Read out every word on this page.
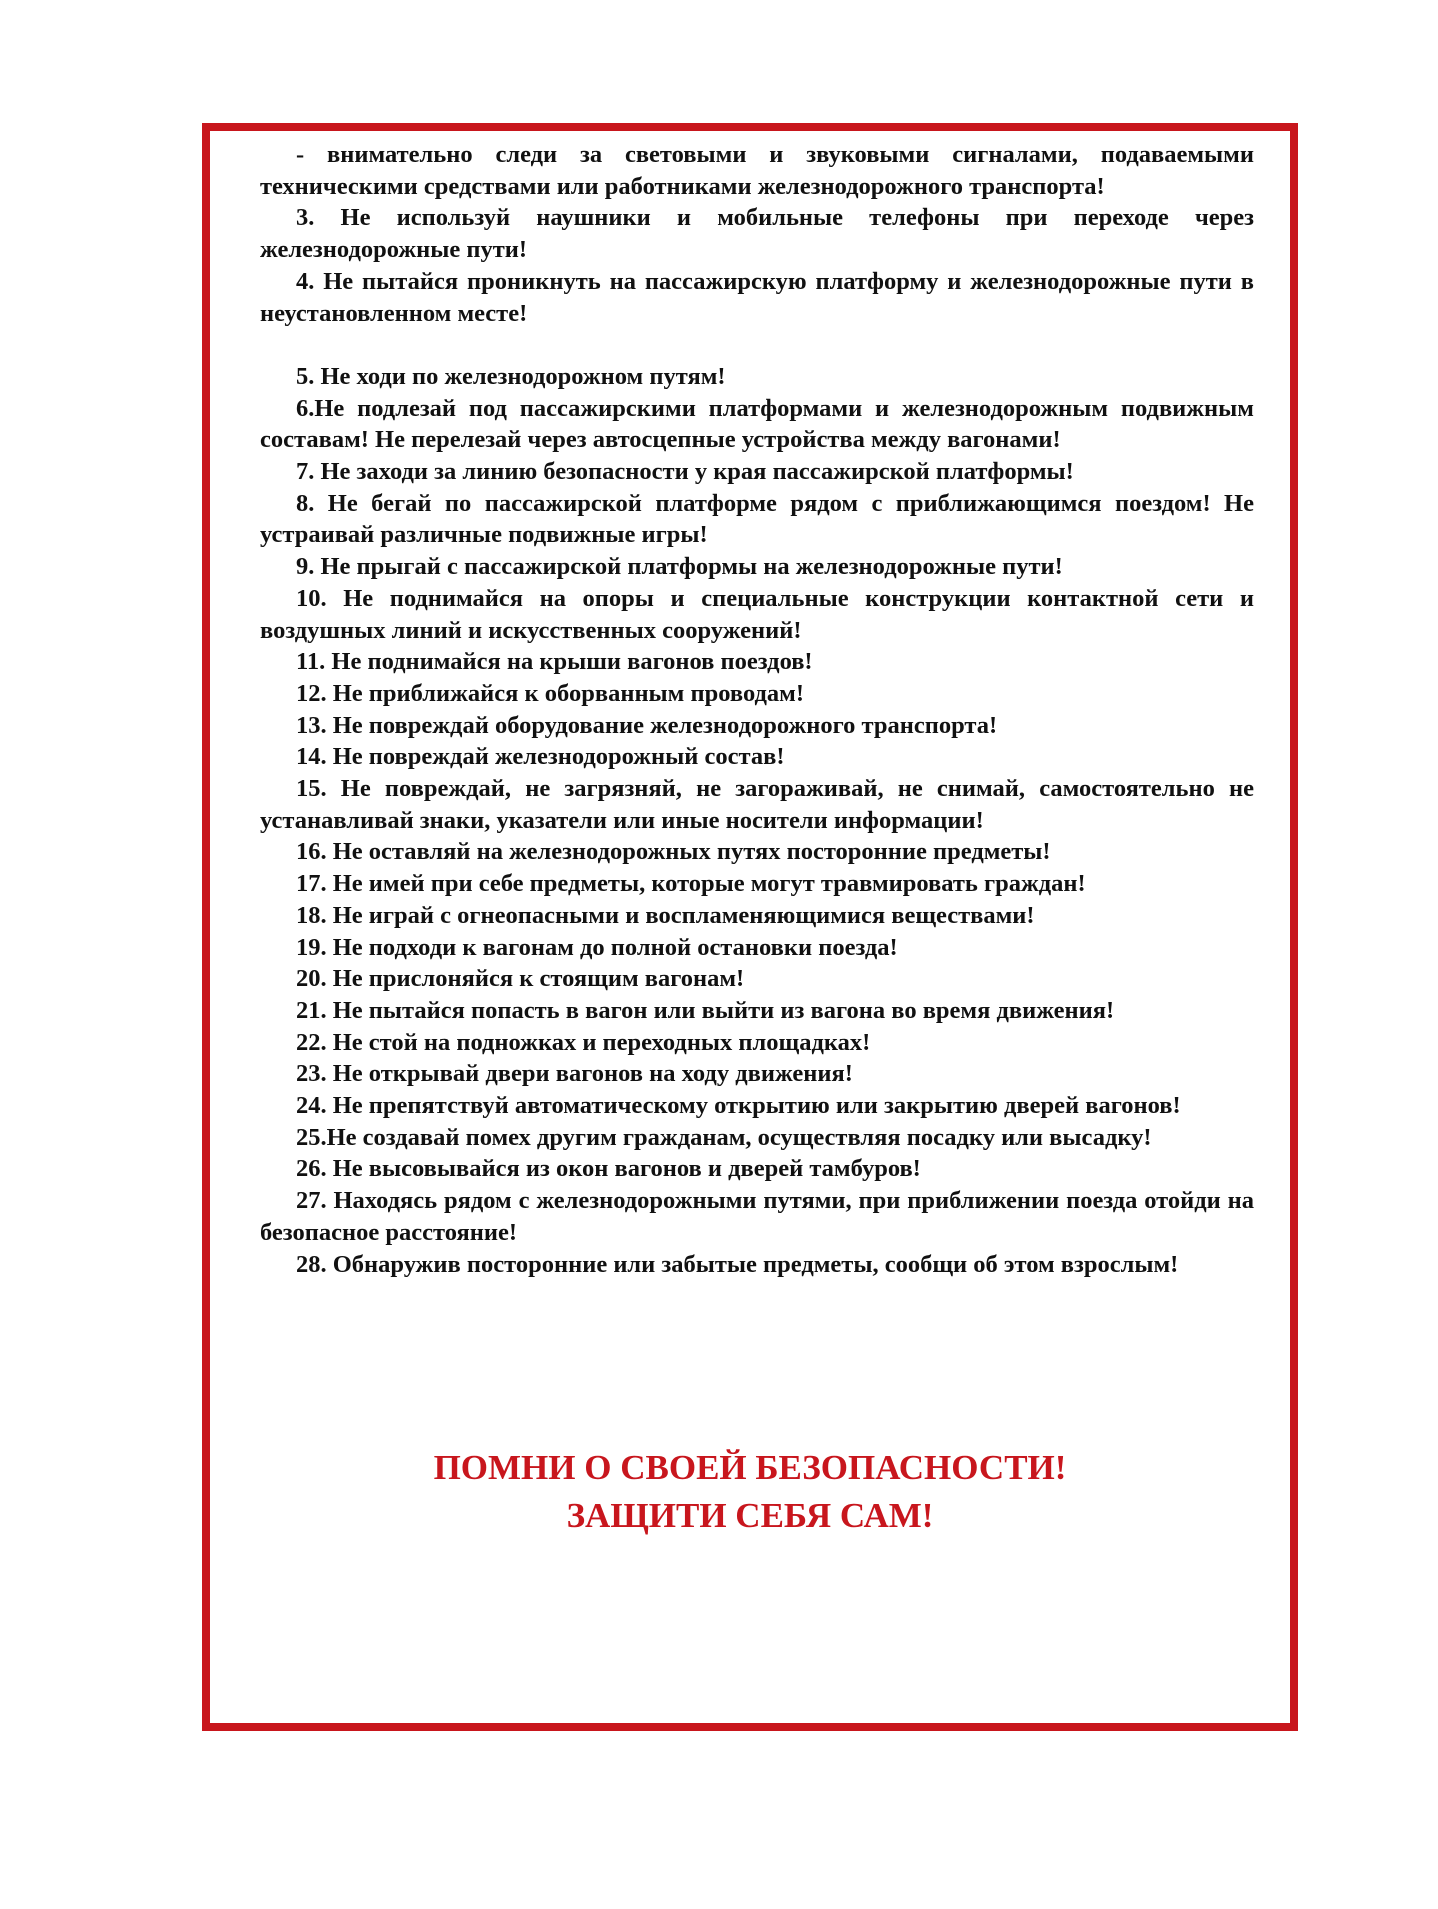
- внимательно следи за световыми и звуковыми сигналами, подаваемыми техническими средствами или работниками железнодорожного транспорта!

3. Не используй наушники и мобильные телефоны при переходе через железнодорожные пути!

4. Не пытайся проникнуть на пассажирскую платформу и железнодорожные пути в неустановленном месте!

5. Не ходи по железнодорожном путям!

6.Не подлезай под пассажирскими платформами и железнодорожным подвижным составам! Не перелезай через автосцепные устройства между вагонами!

7. Не заходи за линию безопасности у края пассажирской платформы!

8. Не бегай по пассажирской платформе рядом с приближающимся поездом! Не устраивай различные подвижные игры!

9. Не прыгай с пассажирской платформы на железнодорожные пути!

10. Не поднимайся на опоры и специальные конструкции контактной сети и воздушных линий и искусственных сооружений!

11. Не поднимайся на крыши вагонов поездов!

12. Не приближайся к оборванным проводам!

13. Не повреждай оборудование железнодорожного транспорта!

14. Не повреждай железнодорожный состав!

15. Не повреждай, не загрязняй, не загораживай, не снимай, самостоятельно не устанавливай знаки, указатели или иные носители информации!

16. Не оставляй на железнодорожных путях посторонние предметы!

17. Не имей при себе предметы, которые могут травмировать граждан!

18. Не играй с огнеопасными и воспламеняющимися веществами!

19. Не подходи к вагонам до полной остановки поезда!

20. Не прислоняйся к стоящим вагонам!

21. Не пытайся попасть в вагон или выйти из вагона во время движения!

22. Не стой на подножках и переходных площадках!

23. Не открывай двери вагонов на ходу движения!

24. Не препятствуй автоматическому открытию или закрытию дверей вагонов!

25.Не создавай помех другим гражданам, осуществляя посадку или высадку!

26. Не высовывайся из окон вагонов и дверей тамбуров!

27. Находясь рядом с железнодорожными путями, при приближении поезда отойди на безопасное расстояние!

28. Обнаружив посторонние или забытые предметы, сообщи об этом взрослым!

ПОМНИ О СВОЕЙ БЕЗОПАСНОСТИ!
ЗАЩИТИ СЕБЯ САМ!
